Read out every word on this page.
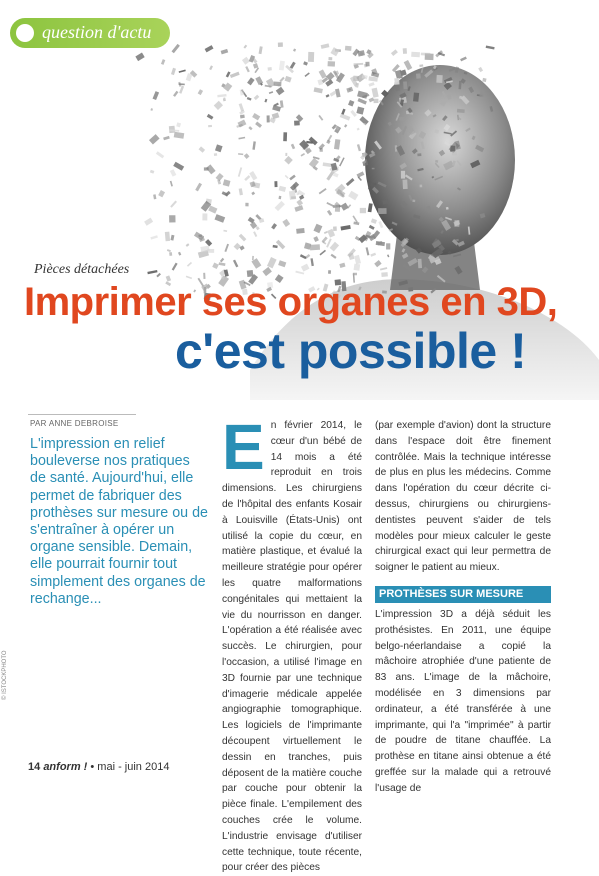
question d'actu
Pièces détachées
Imprimer ses organes en 3D,
c'est possible !
PAR ANNE DEBROISE
L'impression en relief bouleverse nos pratiques de santé. Aujourd'hui, elle permet de fabriquer des prothèses sur mesure ou de s'entraîner à opérer un organe sensible. Demain, elle pourrait fournir tout simplement des organes de rechange...
E n février 2014, le cœur d'un bébé de 14 mois a été reproduit en trois dimensions. Les chirurgiens de l'hôpital des enfants Kosair à Louisville (États-Unis) ont utilisé la copie du cœur, en matière plastique, et évalué la meilleure stratégie pour opérer les quatre malformations congénitales qui mettaient la vie du nourrisson en danger. L'opération a été réalisée avec succès. Le chirurgien, pour l'occasion, a utilisé l'image en 3D fournie par une technique d'imagerie médicale appelée angiographie tomographique. Les logiciels de l'imprimante découpent virtuellement le dessin en tranches, puis déposent de la matière couche par couche pour obtenir la pièce finale. L'empilement des couches crée le volume. L'industrie envisage d'utiliser cette technique, toute récente, pour créer des pièces

(par exemple d'avion) dont la structure dans l'espace doit être finement contrôlée. Mais la technique intéresse de plus en plus les médecins. Comme dans l'opération du cœur décrite ci-dessus, chirurgiens ou chirurgiens-dentistes peuvent s'aider de tels modèles pour mieux calculer le geste chirurgical exact qui leur permettra de soigner le patient au mieux.

PROTHÈSES SUR MESURE

L'impression 3D a déjà séduit les prothésistes. En 2011, une équipe belgo-néerlandaise a copié la mâchoire atrophiée d'une patiente de 83 ans. L'image de la mâchoire, modélisée en 3 dimensions par ordinateur, a été transférée à une imprimante, qui l'a "imprimée" à partir de poudre de titane chauffée. La prothèse en titane ainsi obtenue a été greffée sur la malade qui a retrouvé l'usage de

© ISTOCKPHOTO
14 anform ! • mai - juin 2014
